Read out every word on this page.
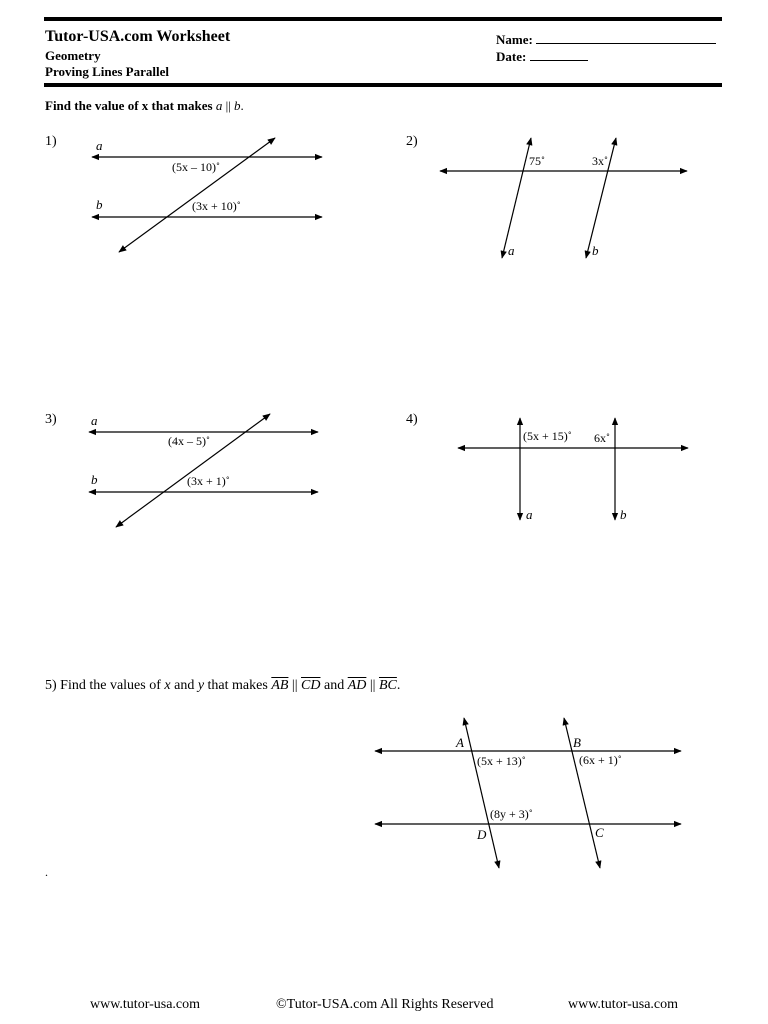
Tutor-USA.com Worksheet
Geometry
Proving Lines Parallel
Name:
Date:
Find the value of x that makes a || b.
1)	2)
3)	4)
5) Find the values of x and y that makes $\overline{AB}$ || $\overline{CD}$ and $\overline{AD}$ || $\overline{BC}$.
a
b
(5x – 10)˚
(3x + 10)˚
75˚	3x˚
a	b
a
b
(4x – 5)˚
(3x + 1)˚
(5x + 15)˚ 6x˚
a	b
A	B
D	C
(5x + 13)˚	(6x + 1)˚
(8y + 3)˚
.
www.tutor-usa.com	©Tutor-USA.com All Rights Reserved	www.tutor-usa.com
